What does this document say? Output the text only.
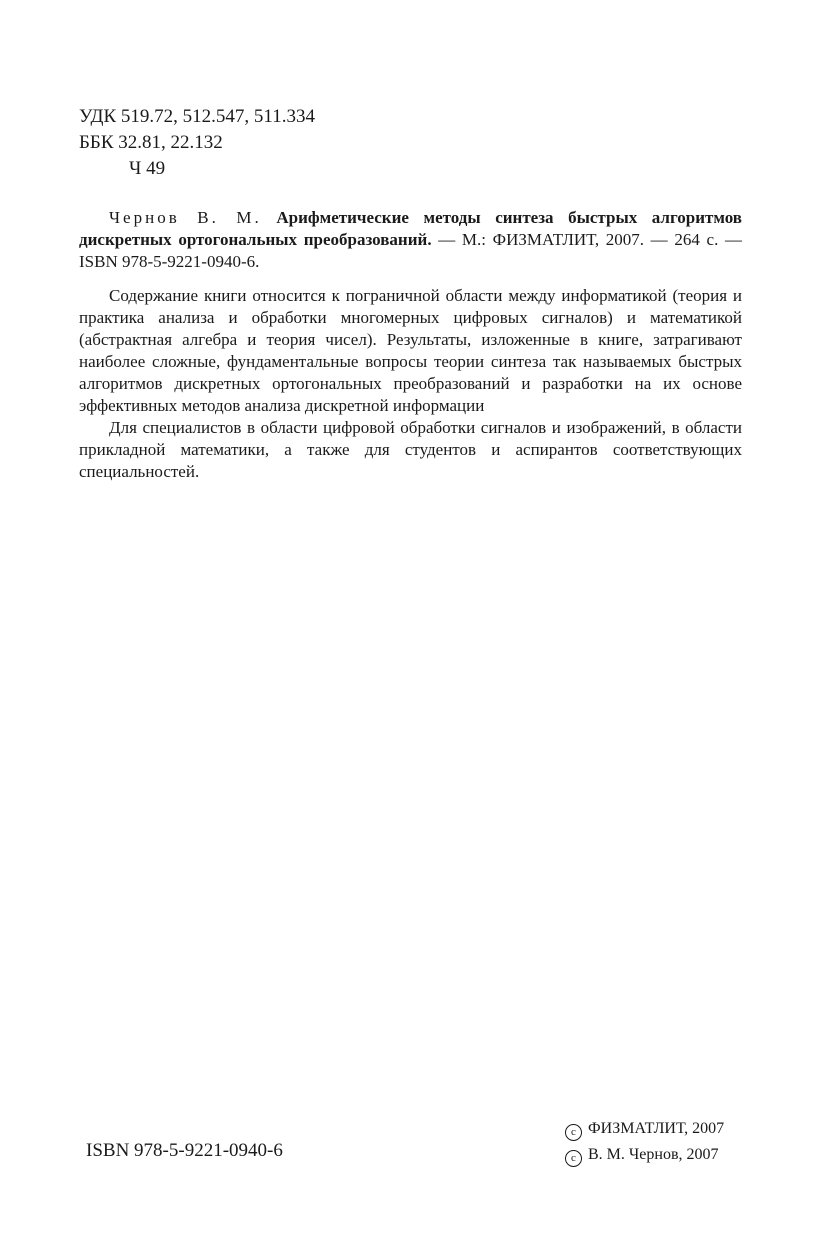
УДК 519.72, 512.547, 511.334
ББК 32.81, 22.132
Ч 49
Чернов В. М. Арифметические методы синтеза быстрых алгоритмов дискретных ортогональных преобразований. — М.: ФИЗМАТЛИТ, 2007. — 264 с. — ISBN 978-5-9221-0940-6.

Содержание книги относится к пограничной области между информатикой (теория и практика анализа и обработки многомерных цифровых сигналов) и математикой (абстрактная алгебра и теория чисел). Результаты, изложенные в книге, затрагивают наиболее сложные, фундаментальные вопросы теории синтеза так называемых быстрых алгоритмов дискретных ортогональных преобразований и разработки на их основе эффективных методов анализа дискретной информации

Для специалистов в области цифровой обработки сигналов и изображений, в области прикладной математики, а также для студентов и аспирантов соответствующих специальностей.

ISBN 978-5-9221-0940-6
c ФИЗМАТЛИТ, 2007
c В. М. Чернов, 2007
